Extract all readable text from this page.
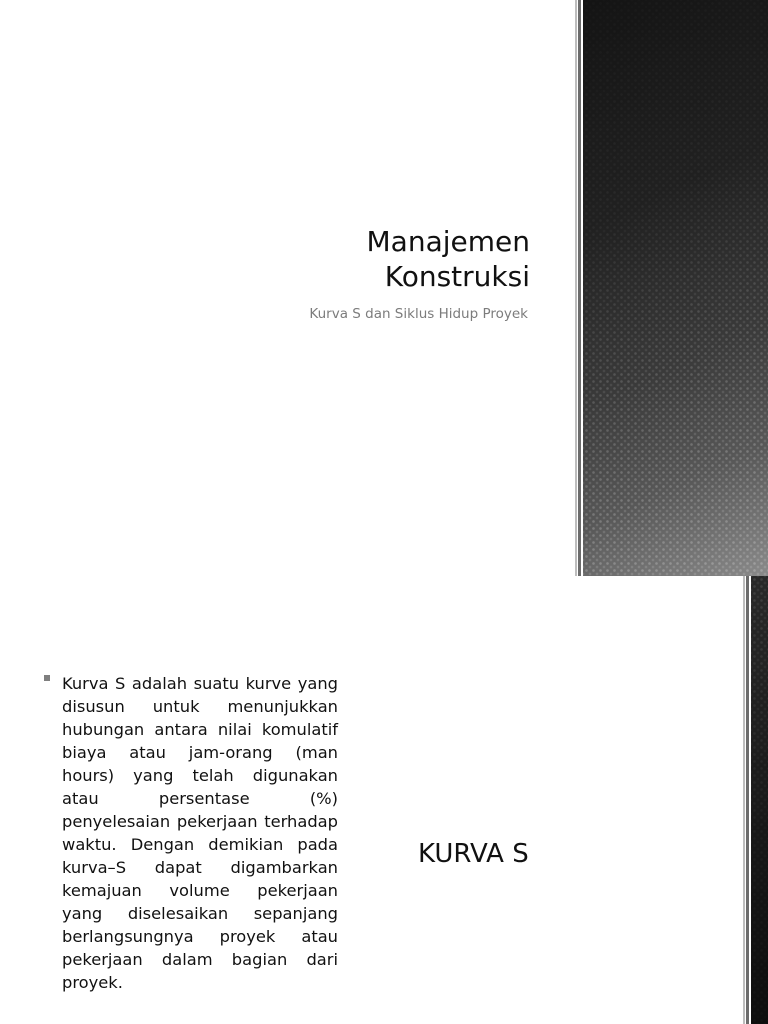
Manajemen
Konstruksi

Kurva S dan Siklus Hidup Proyek

Kurva S adalah suatu kurve yang disusun untuk menunjukkan hubungan antara nilai komulatif biaya atau jam-orang (man hours) yang telah digunakan atau persentase (%) penyelesaian pekerjaan terhadap waktu. Dengan demikian pada kurva–S dapat digambarkan kemajuan volume pekerjaan yang diselesaikan sepanjang berlangsungnya proyek atau pekerjaan dalam bagian dari proyek.

KURVA S
